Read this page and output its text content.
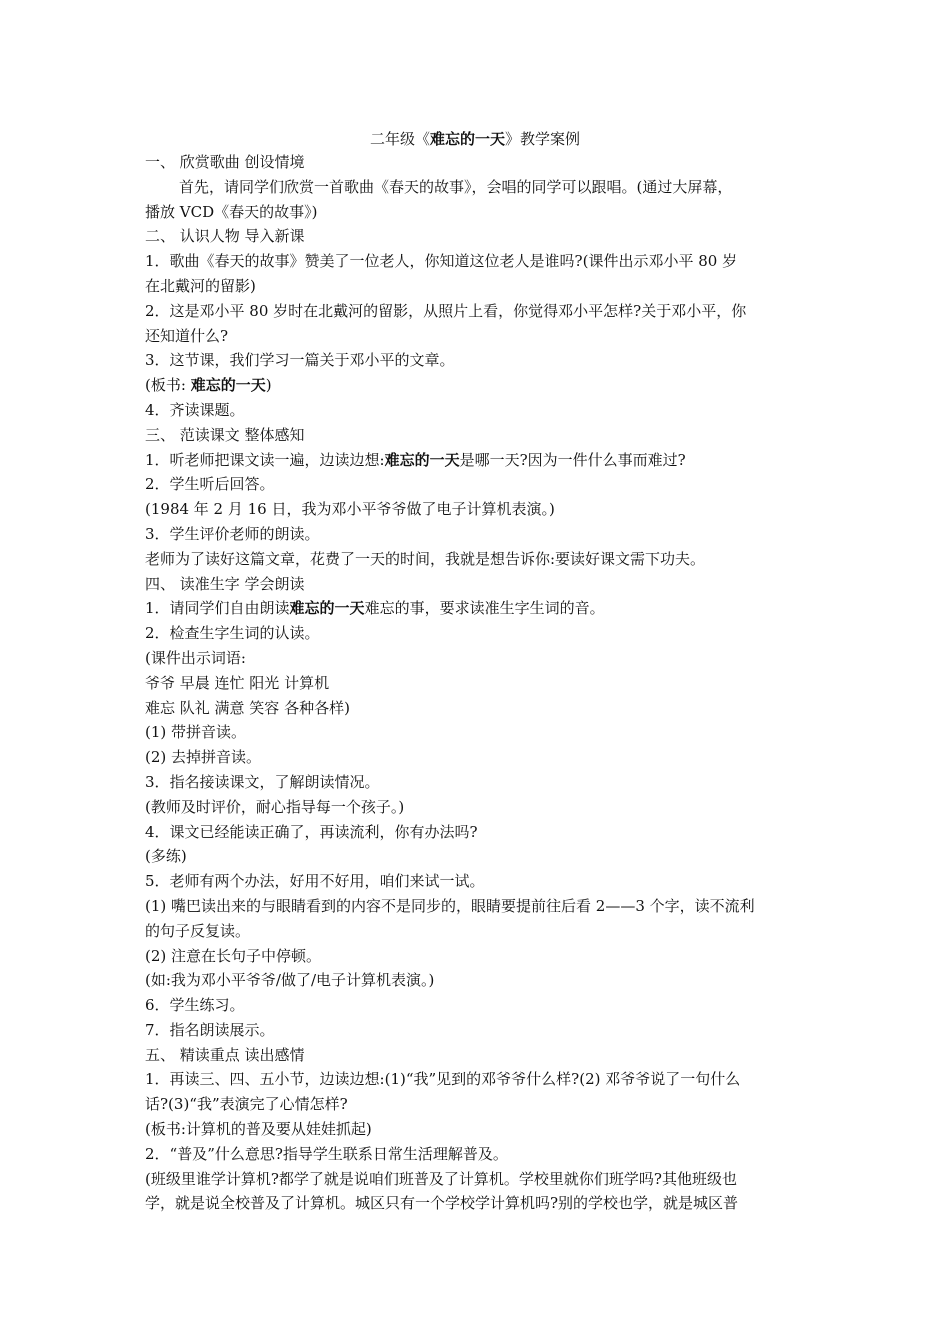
二年级《难忘的一天》教学案例
一、 欣赏歌曲 创设情境
首先，请同学们欣赏一首歌曲《春天的故事》，会唱的同学可以跟唱。(通过大屏幕，
播放 VCD《春天的故事》)
二、 认识人物 导入新课
1．歌曲《春天的故事》赞美了一位老人，你知道这位老人是谁吗?(课件出示邓小平 80 岁
在北戴河的留影)
2．这是邓小平 80 岁时在北戴河的留影，从照片上看，你觉得邓小平怎样?关于邓小平，你
还知道什么?
3．这节课，我们学习一篇关于邓小平的文章。
(板书: 难忘的一天)
4．齐读课题。
三、 范读课文 整体感知
1．听老师把课文读一遍，边读边想:难忘的一天是哪一天?因为一件什么事而难过?
2．学生听后回答。
(1984 年 2 月 16 日，我为邓小平爷爷做了电子计算机表演。)
3．学生评价老师的朗读。
老师为了读好这篇文章，花费了一天的时间，我就是想告诉你:要读好课文需下功夫。
四、 读准生字 学会朗读
1．请同学们自由朗读难忘的一天难忘的事，要求读准生字生词的音。
2．检查生字生词的认读。
(课件出示词语:
爷爷 早晨 连忙 阳光 计算机
难忘 队礼 满意 笑容 各种各样)
(1) 带拼音读。
(2) 去掉拼音读。
3．指名接读课文，了解朗读情况。
(教师及时评价，耐心指导每一个孩子。)
4．课文已经能读正确了，再读流利，你有办法吗?
(多练)
5．老师有两个办法，好用不好用，咱们来试一试。
(1) 嘴巴读出来的与眼睛看到的内容不是同步的，眼睛要提前往后看 2——3 个字，读不流利
的句子反复读。
(2) 注意在长句子中停顿。
(如:我为邓小平爷爷/做了/电子计算机表演。)
6．学生练习。
7．指名朗读展示。
五、 精读重点 读出感情
1．再读三、四、五小节，边读边想:(1)“我”见到的邓爷爷什么样?(2) 邓爷爷说了一句什么
话?(3)“我”表演完了心情怎样?
(板书:计算机的普及要从娃娃抓起)
2．“普及”什么意思?指导学生联系日常生活理解普及。
(班级里谁学计算机?都学了就是说咱们班普及了计算机。学校里就你们班学吗?其他班级也
学，就是说全校普及了计算机。城区只有一个学校学计算机吗?别的学校也学，就是城区普
